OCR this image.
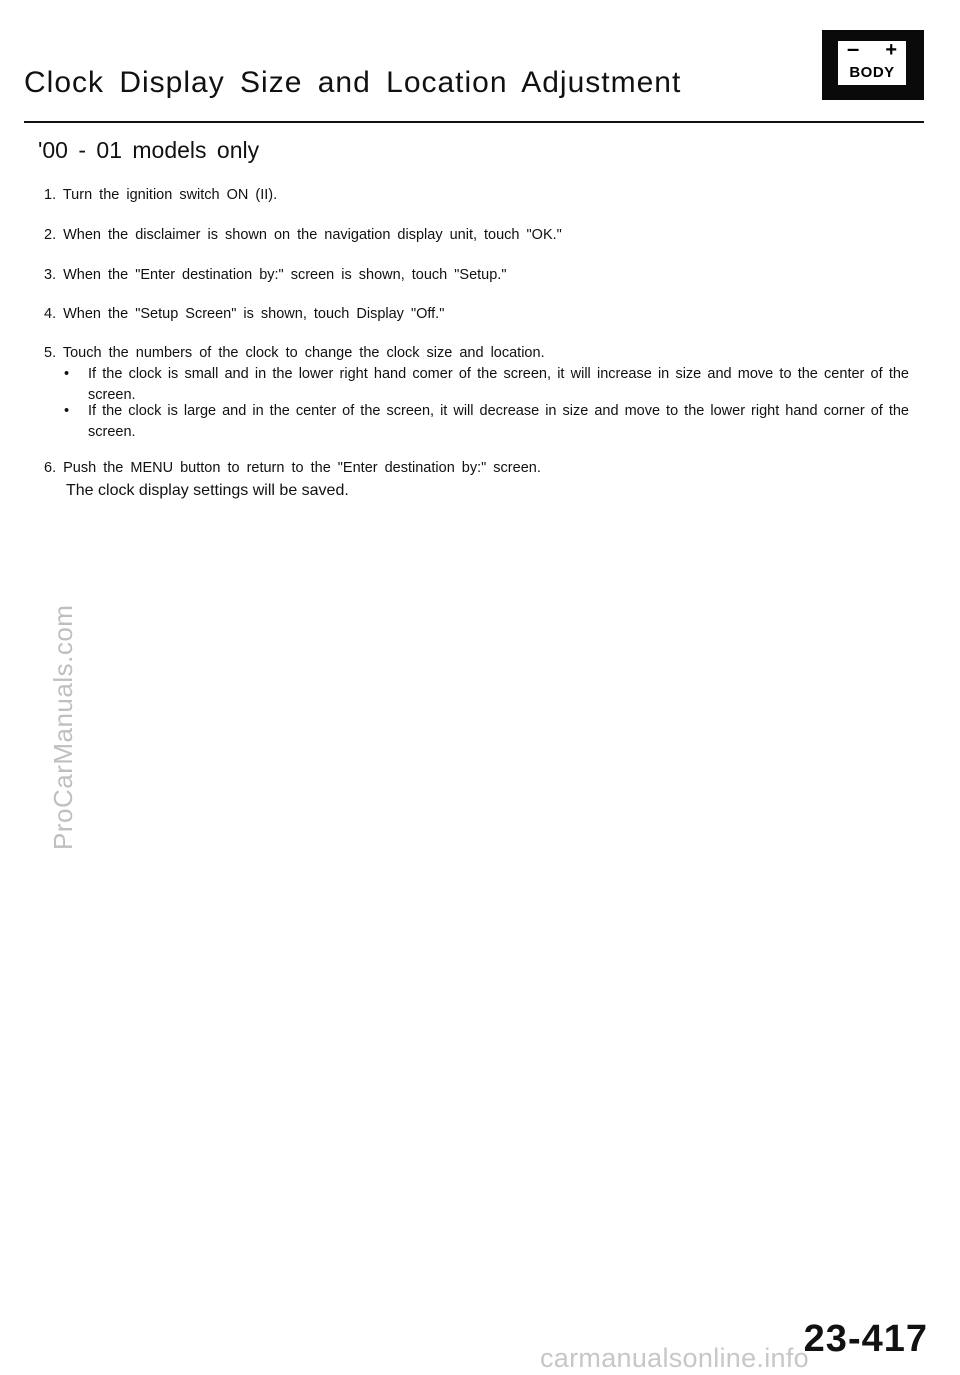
Clock Display Size and Location Adjustment
– +
BODY
'00 - 01 models only
1. Turn the ignition switch ON (II).
2. When the disclaimer is shown on the navigation display unit, touch "OK."
3. When the "Enter destination by:" screen is shown, touch "Setup."
4. When the "Setup Screen" is shown, touch Display "Off."
5. Touch the numbers of the clock to change the clock size and location.
•	If the clock is small and in the lower right hand comer of the screen, it will increase in size and move to the center of the screen.
•	If the clock is large and in the center of the screen, it will decrease in size and move to the lower right hand corner of the screen.
6. Push the MENU button to return to the "Enter destination by:" screen.
The clock display settings will be saved.
ProCarManuals.com
23-417
carmanualsonline.info
